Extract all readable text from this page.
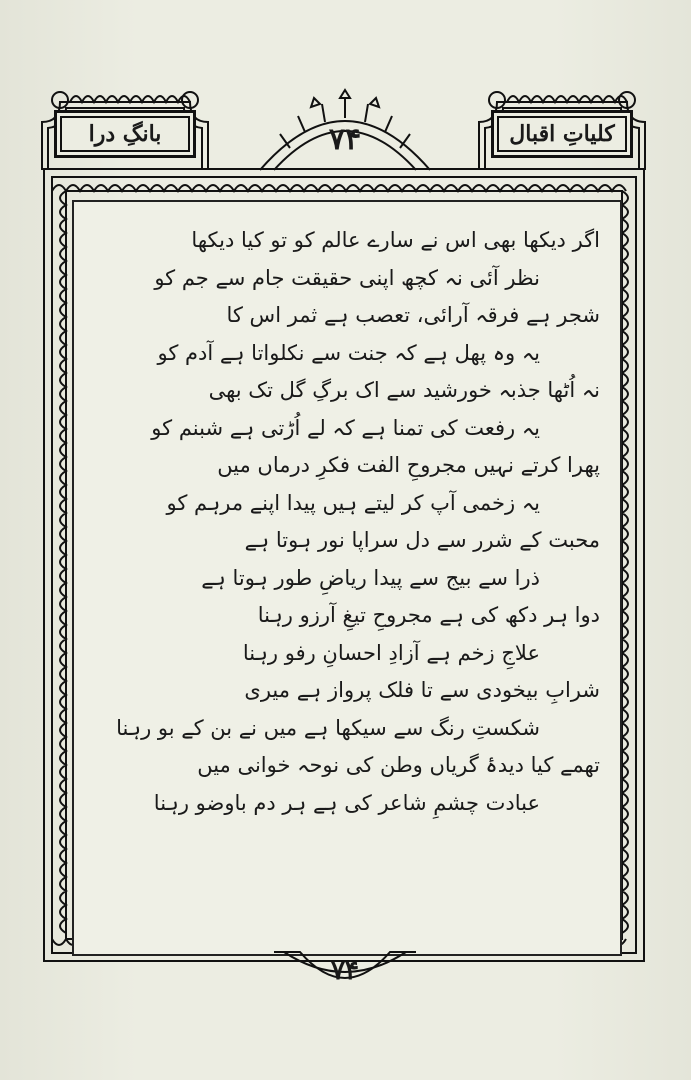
بانگِ درا	۷۴	کلیاتِ اقبال
اگر دیکھا بھی اس نے سارے عالم کو تو کیا دیکھا
نظر آئی نہ کچھ اپنی حقیقت جام سے جم کو
شجر ہے فرقہ آرائی، تعصب ہے ثمر اس کا
یہ وہ پھل ہے کہ جنت سے نکلواتا ہے آدم کو
نہ اُٹھا جذبہ خورشید سے اک برگِ گل تک بھی
یہ رفعت کی تمنا ہے کہ لے اُڑتی ہے شبنم کو
پھرا کرتے نہیں مجروحِ الفت فکرِ درماں میں
یہ زخمی آپ کر لیتے ہیں پیدا اپنے مرہم کو
محبت کے شرر سے دل سراپا نور ہوتا ہے
ذرا سے بیج سے پیدا ریاضِ طور ہوتا ہے
دوا ہر دکھ کی ہے مجروحِ تیغِ آرزو رہنا
علاجِ زخم ہے آزادِ احسانِ رفو رہنا
شرابِ بیخودی سے تا فلک پرواز ہے میری
شکستِ رنگ سے سیکھا ہے میں نے بن کے بو رہنا
تھمے کیا دیدۂ گریاں وطن کی نوحہ خوانی میں
عبادت چشمِ شاعر کی ہے ہر دم باوضو رہنا
۷۴
